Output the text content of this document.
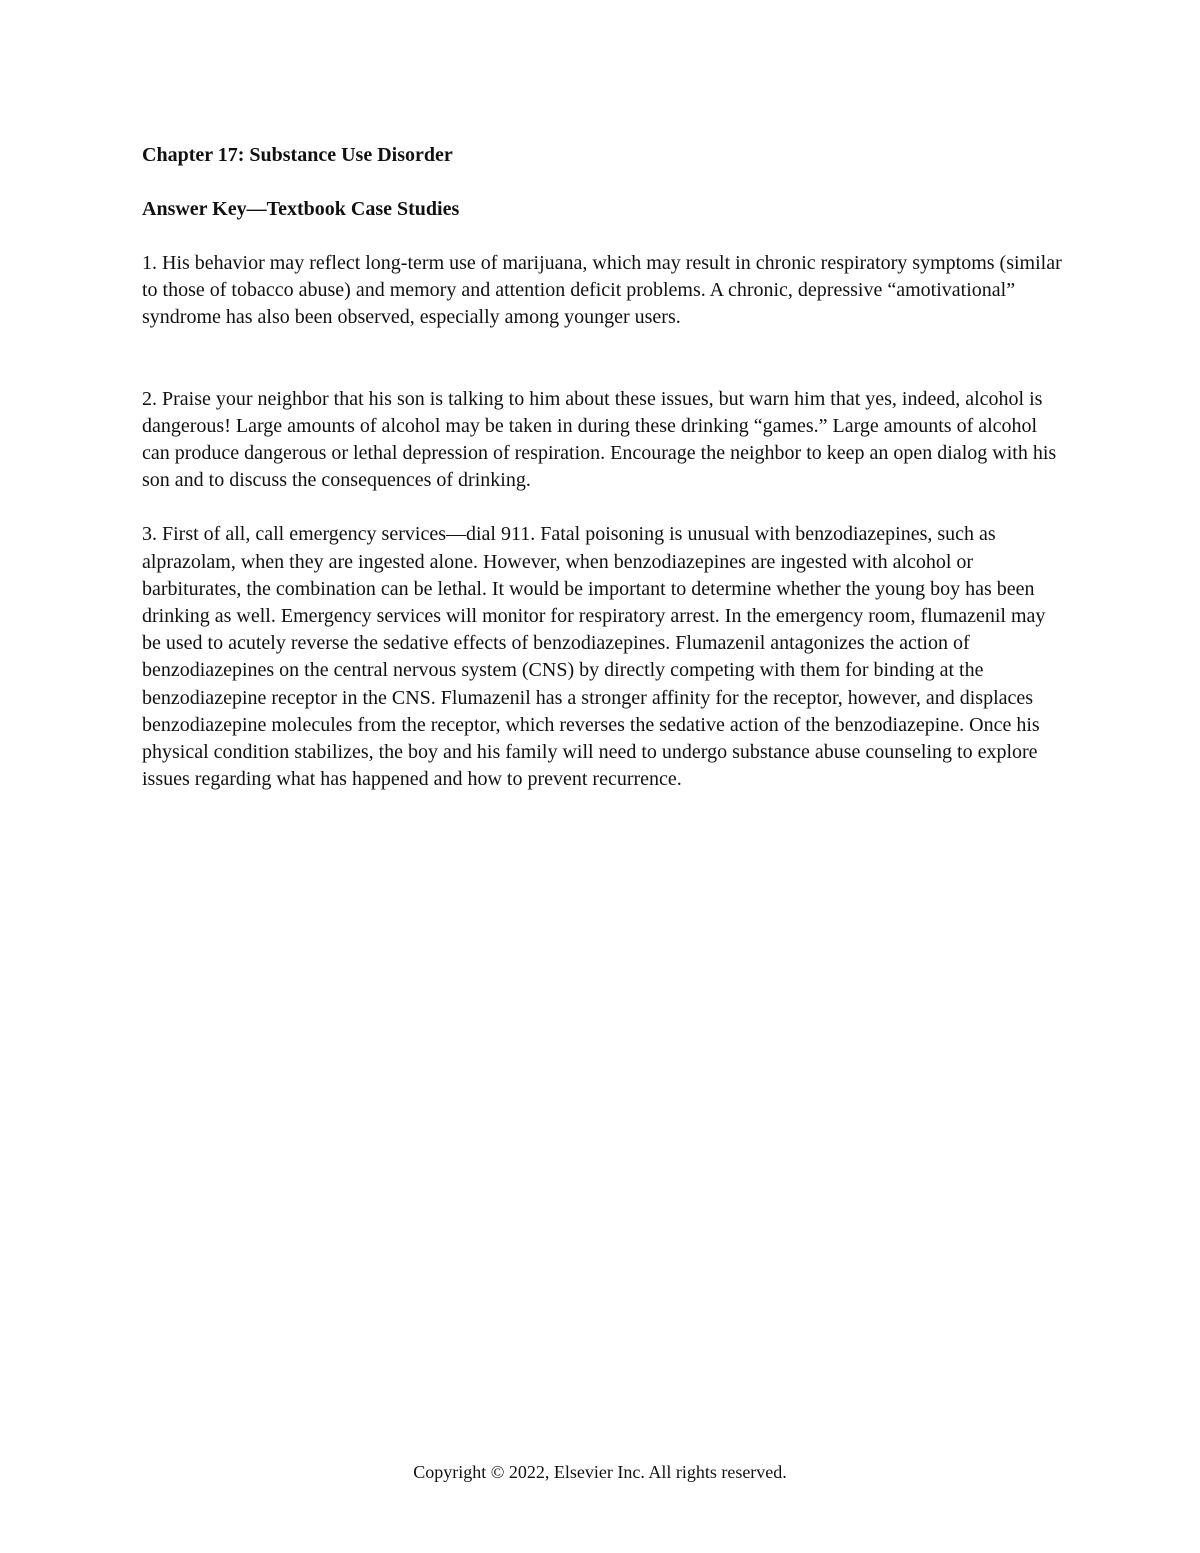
Chapter 17: Substance Use Disorder

Answer Key—Textbook Case Studies

1. His behavior may reflect long-term use of marijuana, which may result in chronic respiratory symptoms (similar to those of tobacco abuse) and memory and attention deficit problems. A chronic, depressive “amotivational” syndrome has also been observed, especially among younger users.

2. Praise your neighbor that his son is talking to him about these issues, but warn him that yes, indeed, alcohol is dangerous! Large amounts of alcohol may be taken in during these drinking “games.” Large amounts of alcohol can produce dangerous or lethal depression of respiration. Encourage the neighbor to keep an open dialog with his son and to discuss the consequences of drinking.

3. First of all, call emergency services—dial 911. Fatal poisoning is unusual with benzodiazepines, such as alprazolam, when they are ingested alone. However, when benzodiazepines are ingested with alcohol or barbiturates, the combination can be lethal. It would be important to determine whether the young boy has been drinking as well. Emergency services will monitor for respiratory arrest. In the emergency room, flumazenil may be used to acutely reverse the sedative effects of benzodiazepines. Flumazenil antagonizes the action of benzodiazepines on the central nervous system (CNS) by directly competing with them for binding at the benzodiazepine receptor in the CNS. Flumazenil has a stronger affinity for the receptor, however, and displaces benzodiazepine molecules from the receptor, which reverses the sedative action of the benzodiazepine. Once his physical condition stabilizes, the boy and his family will need to undergo substance abuse counseling to explore issues regarding what has happened and how to prevent recurrence.

Copyright © 2022, Elsevier Inc. All rights reserved.
